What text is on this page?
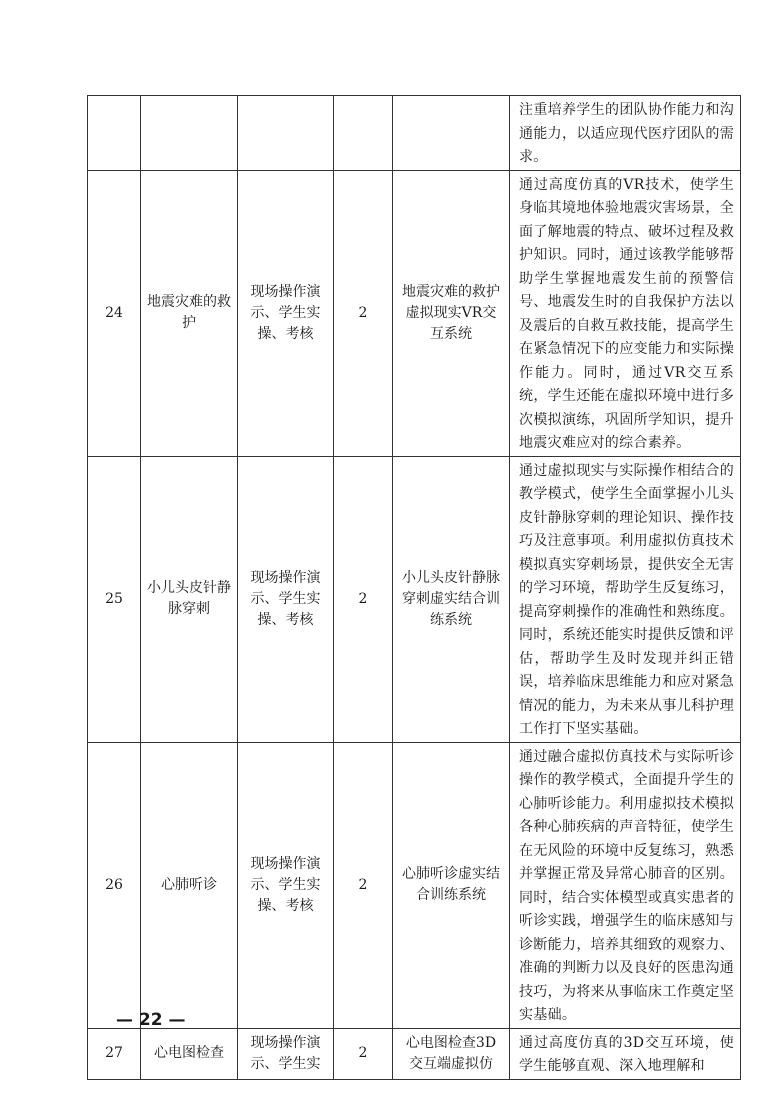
					注重培养学生的团队协作能力和沟通能力，以适应现代医疗团队的需求。
24	地震灾难的救护	现场操作演示、学生实操、考核	2	地震灾难的救护虚拟现实VR交互系统	通过高度仿真的VR技术，使学生身临其境地体验地震灾害场景，全面了解地震的特点、破坏过程及救护知识。同时，通过该教学能够帮助学生掌握地震发生前的预警信号、地震发生时的自我保护方法以及震后的自救互救技能，提高学生在紧急情况下的应变能力和实际操作能力。同时，通过VR交互系统，学生还能在虚拟环境中进行多次模拟演练，巩固所学知识，提升地震灾难应对的综合素养。
25	小儿头皮针静脉穿刺	现场操作演示、学生实操、考核	2	小儿头皮针静脉穿刺虚实结合训练系统	通过虚拟现实与实际操作相结合的教学模式，使学生全面掌握小儿头皮针静脉穿刺的理论知识、操作技巧及注意事项。利用虚拟仿真技术模拟真实穿刺场景，提供安全无害的学习环境，帮助学生反复练习，提高穿刺操作的准确性和熟练度。同时，系统还能实时提供反馈和评估，帮助学生及时发现并纠正错误，培养临床思维能力和应对紧急情况的能力，为未来从事儿科护理工作打下坚实基础。
26	心肺听诊	现场操作演示、学生实操、考核	2	心肺听诊虚实结合训练系统	通过融合虚拟仿真技术与实际听诊操作的教学模式，全面提升学生的心肺听诊能力。利用虚拟技术模拟各种心肺疾病的声音特征，使学生在无风险的环境中反复练习，熟悉并掌握正常及异常心肺音的区别。同时，结合实体模型或真实患者的听诊实践，增强学生的临床感知与诊断能力，培养其细致的观察力、准确的判断力以及良好的医患沟通技巧，为将来从事临床工作奠定坚实基础。
27	心电图检查	现场操作演示、学生实	2	心电图检查3D交互端虚拟仿	通过高度仿真的3D交互环境，使学生能够直观、深入地理解和
— 22 —
